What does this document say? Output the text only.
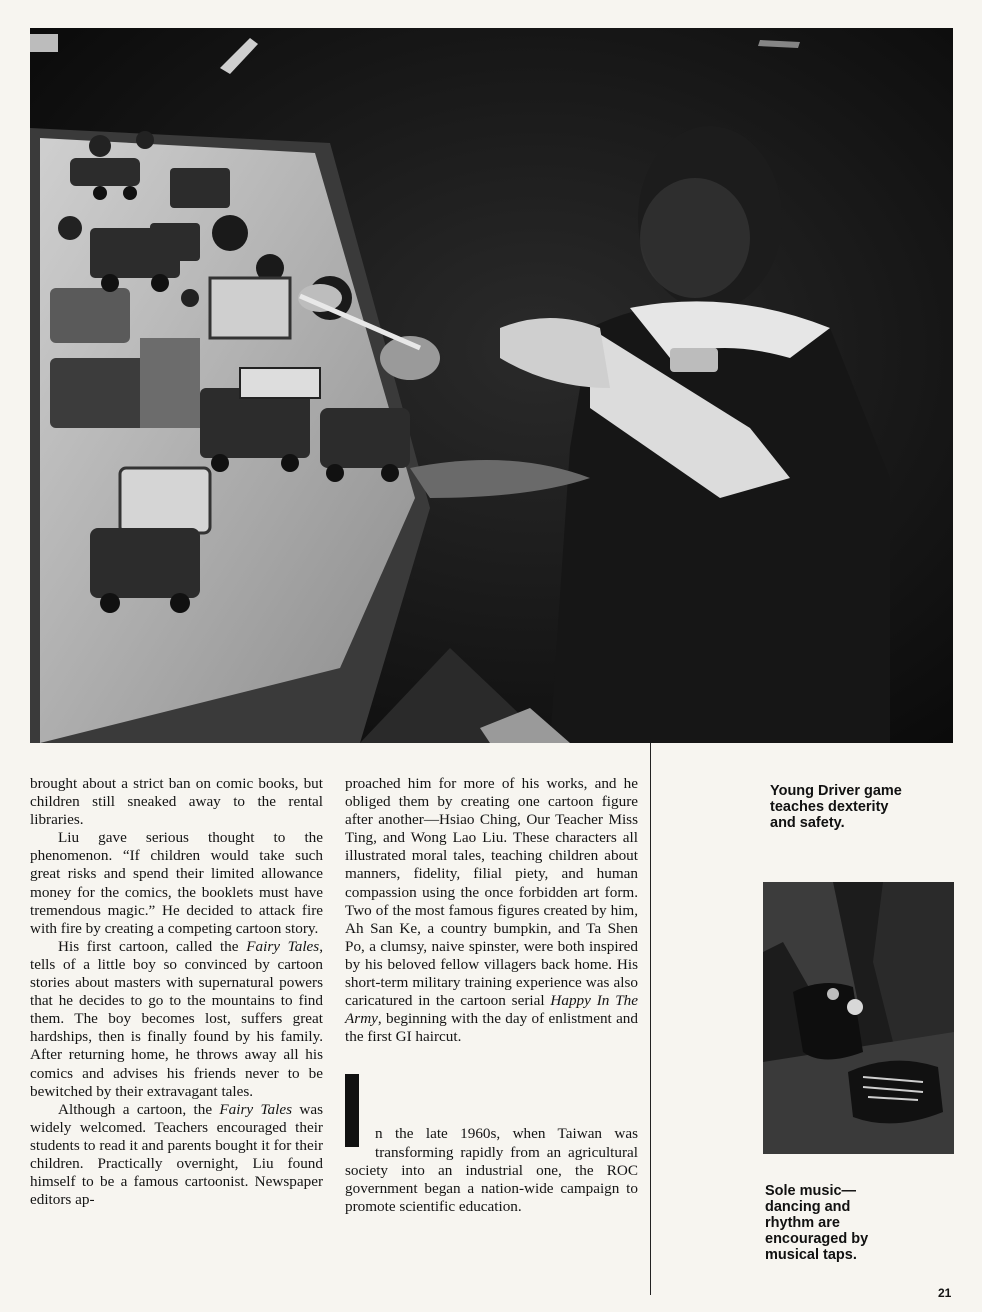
brought about a strict ban on comic books, but children still sneaked away to the rental libraries.

Liu gave serious thought to the phenomenon. “If children would take such great risks and spend their limited allowance money for the comics, the booklets must have tremendous magic.” He decided to attack fire with fire by creating a competing cartoon story.

His first cartoon, called the Fairy Tales, tells of a little boy so convinced by cartoon stories about masters with supernatural powers that he decides to go to the mountains to find them. The boy becomes lost, suffers great hardships, then is finally found by his family. After returning home, he throws away all his comics and advises his friends never to be bewitched by their extravagant tales.

Although a cartoon, the Fairy Tales was widely welcomed. Teachers encouraged their students to read it and parents bought it for their children. Practically overnight, Liu found himself to be a famous cartoonist. Newspaper editors ap-

proached him for more of his works, and he obliged them by creating one cartoon figure after another—Hsiao Ching, Our Teacher Miss Ting, and Wong Lao Liu. These characters all illustrated moral tales, teaching children about manners, fidelity, filial piety, and human compassion using the once forbidden art form. Two of the most famous figures created by him, Ah San Ke, a country bumpkin, and Ta Shen Po, a clumsy, naive spinster, were both inspired by his beloved fellow villagers back home. His short-term military training experience was also caricatured in the cartoon serial Happy In The Army, beginning with the day of enlistment and the first GI haircut.

n the late 1960s, when Taiwan was transforming rapidly from an agricultural society into an industrial one, the ROC government began a nation-wide campaign to promote scientific education.

Young Driver game teaches dexterity and safety.
Sole music—dancing and rhythm are encouraged by musical taps.
21
